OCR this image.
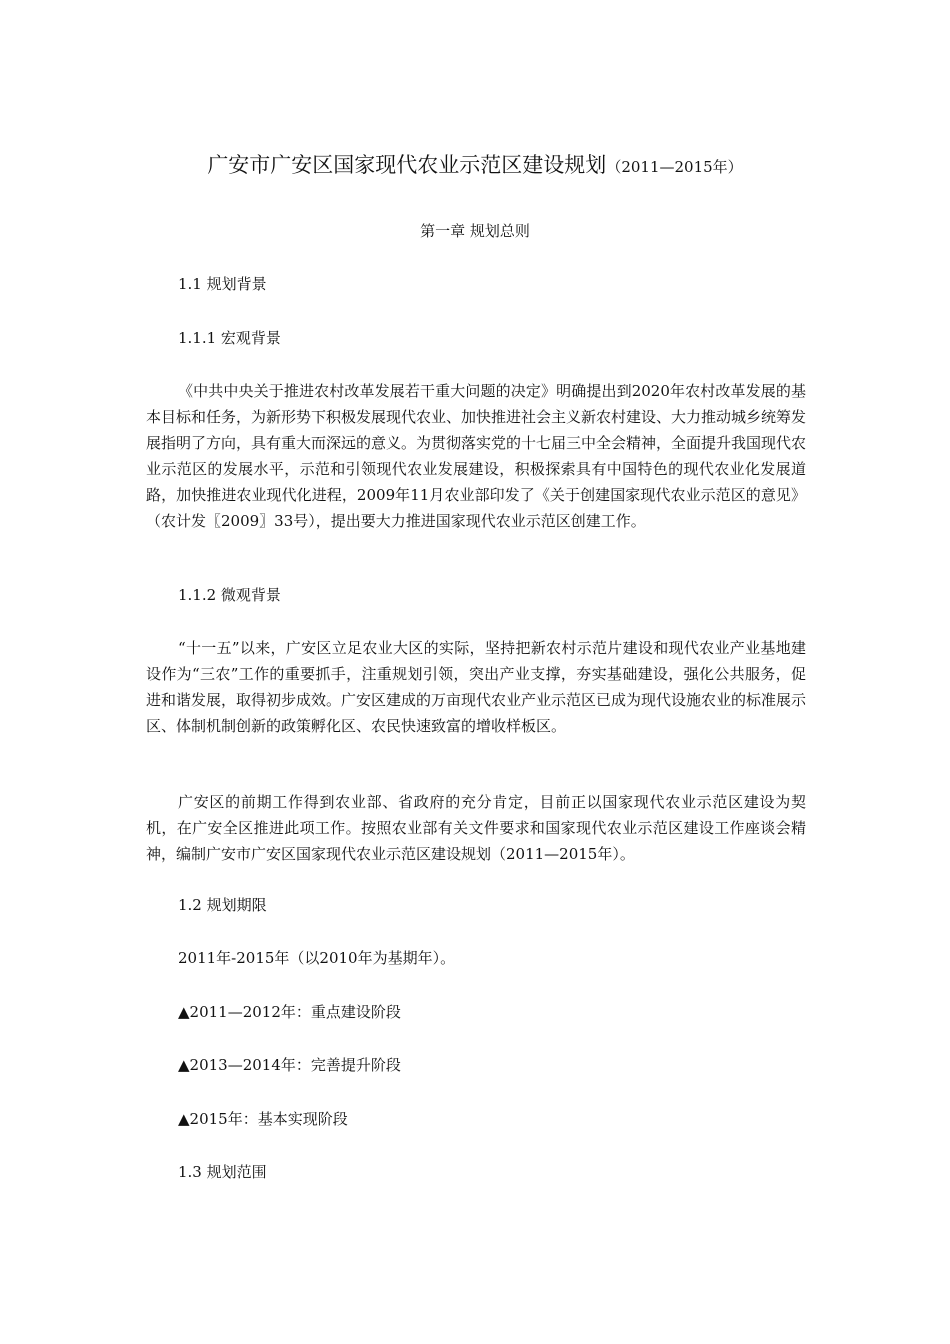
广安市广安区国家现代农业示范区建设规划（2011—2015年）
第一章 规划总则
1.1 规划背景
1.1.1 宏观背景

《中共中央关于推进农村改革发展若干重大问题的决定》明确提出到2020年农村改革发展的基本目标和任务，为新形势下积极发展现代农业、加快推进社会主义新农村建设、大力推动城乡统筹发展指明了方向，具有重大而深远的意义。为贯彻落实党的十七届三中全会精神，全面提升我国现代农业示范区的发展水平，示范和引领现代农业发展建设，积极探索具有中国特色的现代农业化发展道路，加快推进农业现代化进程，2009年11月农业部印发了《关于创建国家现代农业示范区的意见》（农计发〖2009〗33号），提出要大力推进国家现代农业示范区创建工作。

1.1.2 微观背景

“十一五”以来，广安区立足农业大区的实际，坚持把新农村示范片建设和现代农业产业基地建设作为“三农”工作的重要抓手，注重规划引领，突出产业支撑，夯实基础建设，强化公共服务，促进和谐发展，取得初步成效。广安区建成的万亩现代农业产业示范区已成为现代设施农业的标准展示区、体制机制创新的政策孵化区、农民快速致富的增收样板区。

广安区的前期工作得到农业部、省政府的充分肯定，目前正以国家现代农业示范区建设为契机，在广安全区推进此项工作。按照农业部有关文件要求和国家现代农业示范区建设工作座谈会精神，编制广安市广安区国家现代农业示范区建设规划（2011—2015年）。

1.2 规划期限
2011年-2015年（以2010年为基期年）。
▲2011—2012年：重点建设阶段
▲2013—2014年：完善提升阶段
▲2015年：基本实现阶段
1.3 规划范围
